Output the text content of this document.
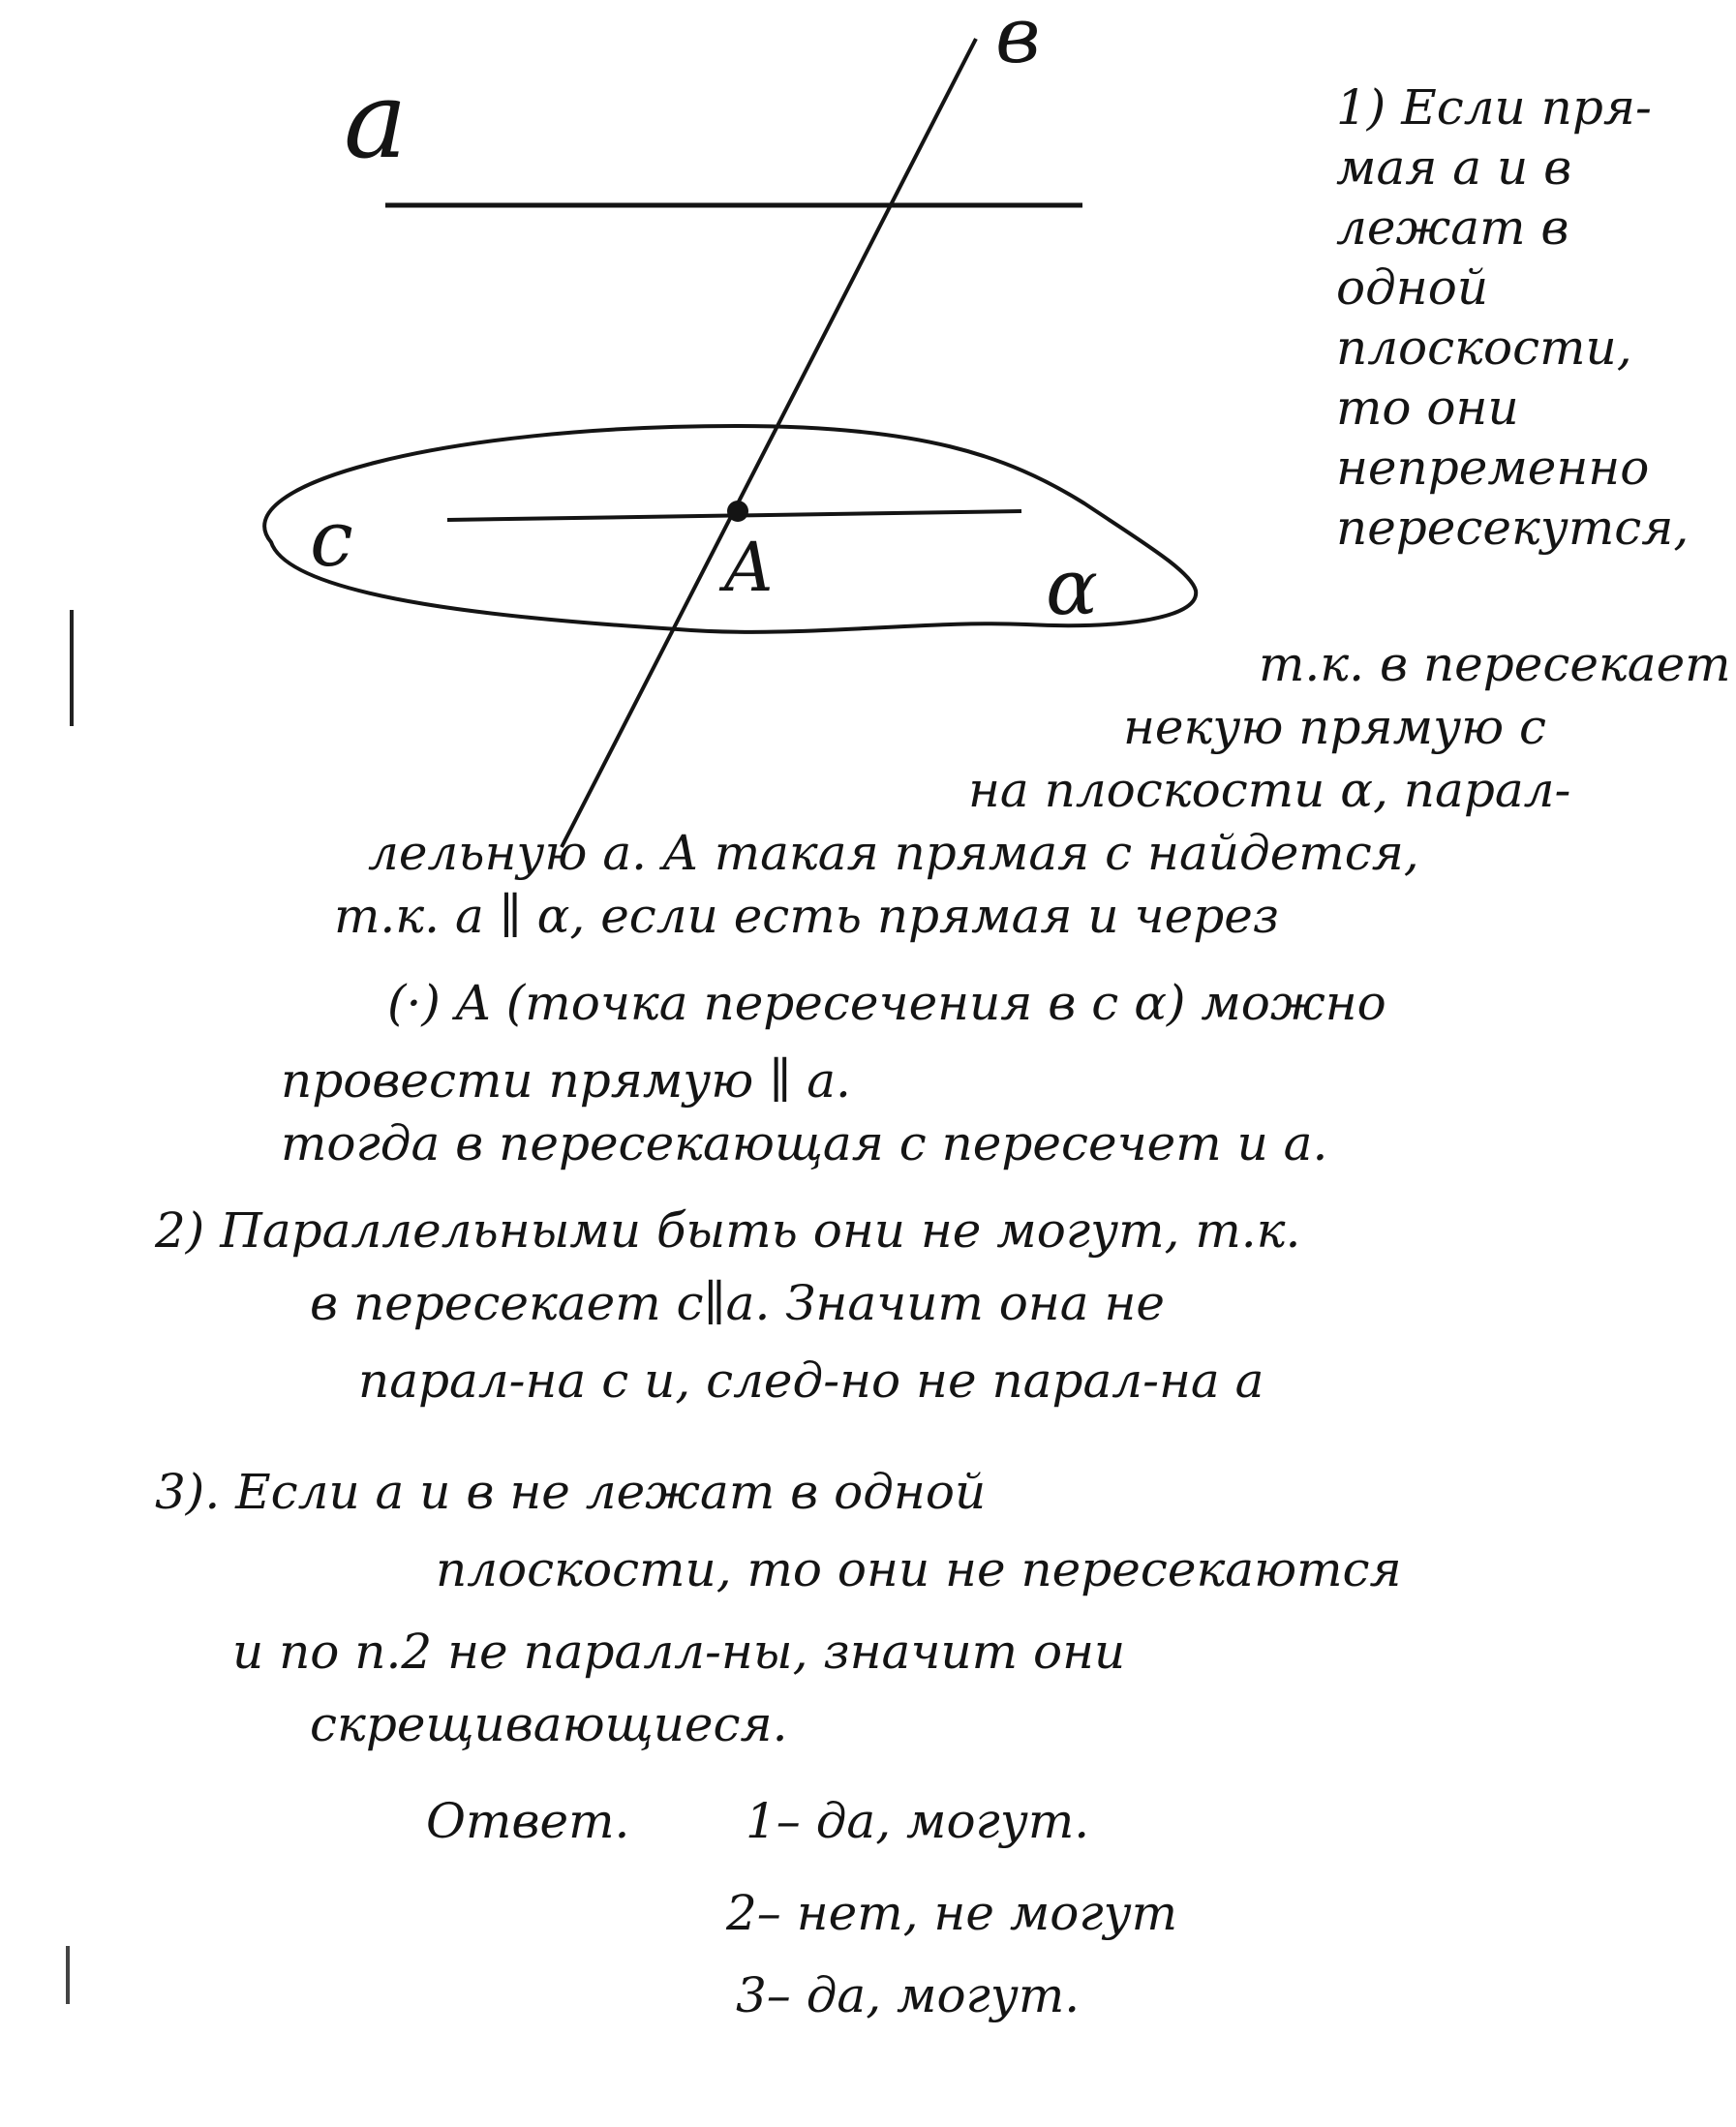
a
в
c	A	α

1) Если пря-

мая a и в

лежат в

одной

плоскости,

то они

непременно

пересекутся,

т.к. в пересекает

некую прямую с

на плоскости α, парал-

лельную a. А такая прямая с найдется,

т.к. a ∥ α, если есть прямая и через

(·) A (точка пересечения в с α) можно

провести прямую ∥ a.

тогда в пересекающая с пересечет и a.

2) Параллельными быть они не могут, т.к.

в пересекает с∥a. Значит она не

парал-на с и, след-но не парал-на a

3). Если a и в не лежат в одной

плоскости, то они не пересекаются

и по п.2 не паралл-ны, значит они

скрещивающиеся.

Ответ. 1– да, могут.

2– нет, не могут

3– да, могут.
